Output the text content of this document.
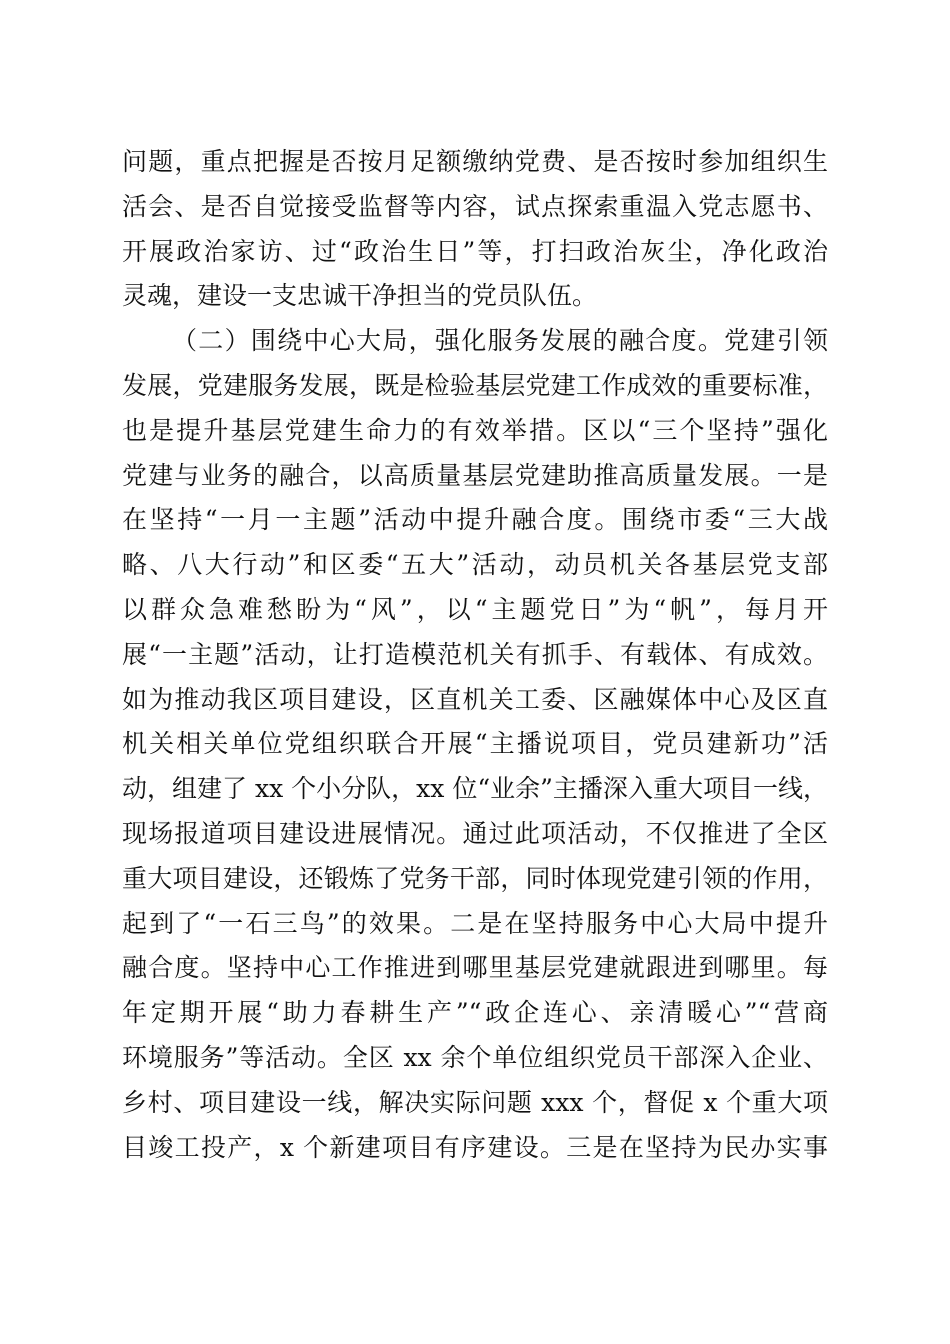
问题，重点把握是否按月足额缴纳党费、是否按时参加组织生
活会、是否自觉接受监督等内容，试点探索重温入党志愿书、
开展政治家访、过“政治生日”等，打扫政治灰尘，净化政治
灵魂，建设一支忠诚干净担当的党员队伍。
（二）围绕中心大局，强化服务发展的融合度。党建引领
发展，党建服务发展，既是检验基层党建工作成效的重要标准，
也是提升基层党建生命力的有效举措。区以“三个坚持”强化
党建与业务的融合，以高质量基层党建助推高质量发展。一是
在坚持“一月一主题”活动中提升融合度。围绕市委“三大战
略、八大行动”和区委“五大”活动，动员机关各基层党支部
以群众急难愁盼为“风”，以“主题党日”为“帆”，每月开
展“一主题”活动，让打造模范机关有抓手、有载体、有成效。
如为推动我区项目建设，区直机关工委、区融媒体中心及区直
机关相关单位党组织联合开展“主播说项目，党员建新功”活
动，组建了 xx 个小分队，xx 位“业余”主播深入重大项目一线，
现场报道项目建设进展情况。通过此项活动，不仅推进了全区
重大项目建设，还锻炼了党务干部，同时体现党建引领的作用，
起到了“一石三鸟”的效果。二是在坚持服务中心大局中提升
融合度。坚持中心工作推进到哪里基层党建就跟进到哪里。每
年定期开展“助力春耕生产”“政企连心、亲清暖心”“营商
环境服务”等活动。全区 xx 余个单位组织党员干部深入企业、
乡村、项目建设一线，解决实际问题 xxx 个，督促 x 个重大项
目竣工投产，x 个新建项目有序建设。三是在坚持为民办实事
